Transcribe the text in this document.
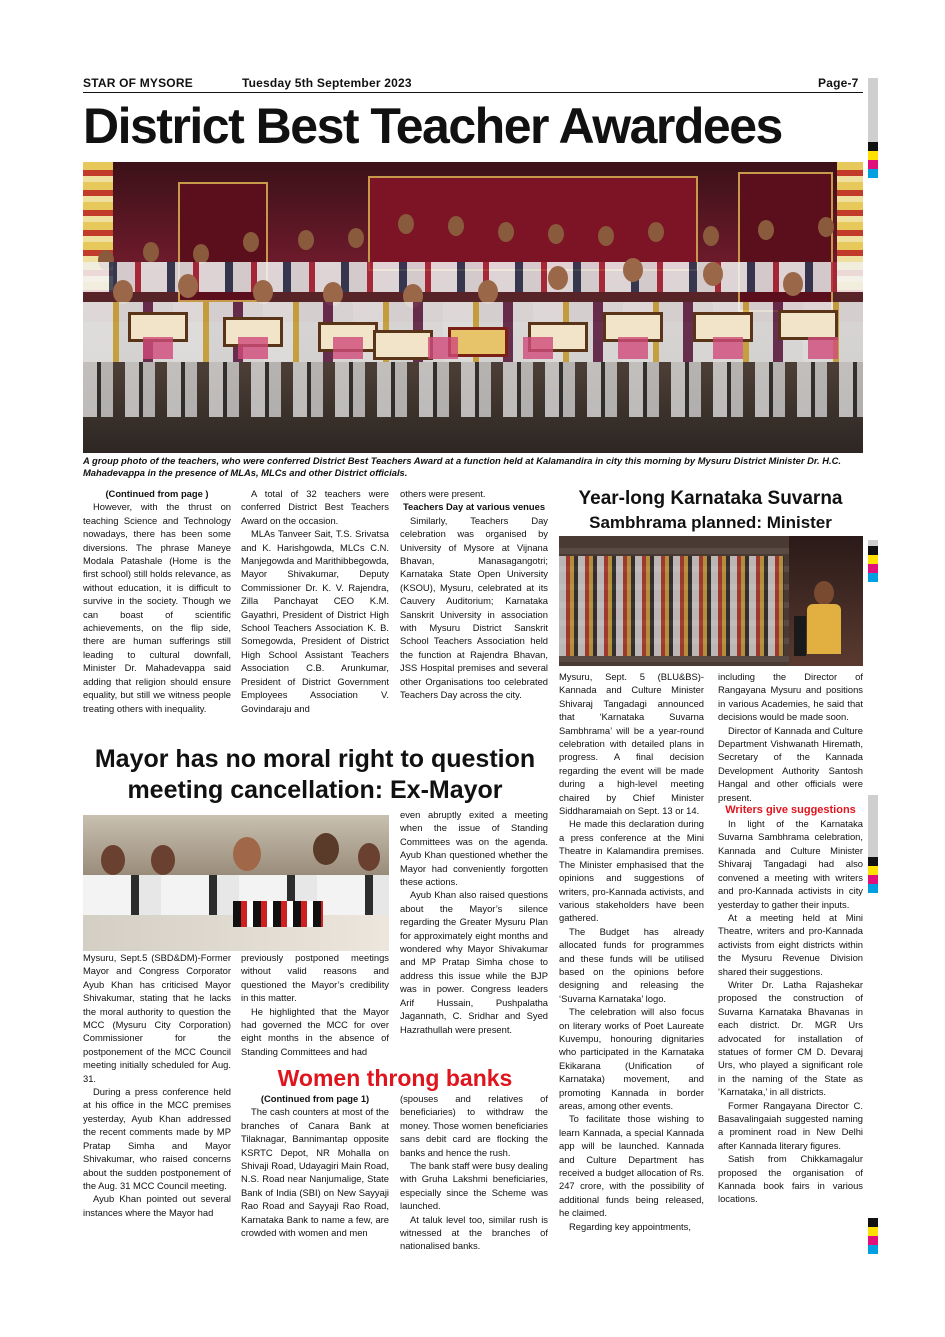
STAR OF MYSORE	Tuesday 5th September 2023	Page-7
District Best Teacher Awardees
A group photo of the teachers, who were conferred District Best Teachers Award at a function held at Kalamandira in city this morning by Mysuru District Minister Dr. H.C. Mahadevappa in the presence of MLAs, MLCs and other District officials.
(Continued from page )

However, with the thrust on teaching Science and Technology nowadays, there has been some diversions. The phrase Maneye Modala Patashale (Home is the first school) still holds relevance, as without education, it is difficult to survive in the society. Though we can boast of scientific achievements, on the flip side, there are human sufferings still leading to cultural downfall, Minister Dr. Mahadevappa said adding that religion should ensure equality, but still we witness people treating others with inequality.

A total of 32 teachers were conferred District Best Teachers Award on the occasion.

MLAs Tanveer Sait, T.S. Srivatsa and K. Harishgowda, MLCs C.N. Manjegowda and Marithibbegowda, Mayor Shivakumar, Deputy Commissioner Dr. K. V. Rajendra, Zilla Panchayat CEO K.M. Gayathri, President of District High School Teachers Association K. B. Somegowda, President of District High School Assistant Teachers Association C.B. Arunkumar, President of District Government Employees Association V. Govindaraju and

others were present.

Teachers Day at various venues

Similarly, Teachers Day celebration was organised by University of Mysore at Vijnana Bhavan, Manasagangotri; Karnataka State Open University (KSOU), Mysuru, celebrated at its Cauvery Auditorium; Karnataka Sanskrit University in association with Mysuru District Sanskrit School Teachers Association held the function at Rajendra Bhavan, JSS Hospital premises and several other Organisations too celebrated Teachers Day across the city.

Mayor has no moral right to question
meeting cancellation: Ex-Mayor

Mysuru, Sept.5 (SBD&DM)-Former Mayor and Congress Corporator Ayub Khan has criticised Mayor Shivakumar, stating that he lacks the moral authority to question the MCC (Mysuru City Corporation) Commissioner for the postponement of the MCC Council meeting initially scheduled for Aug. 31.

During a press conference held at his office in the MCC premises yesterday, Ayub Khan addressed the recent comments made by MP Pratap Simha and Mayor Shivakumar, who raised concerns about the sudden postponement of the Aug. 31 MCC Council meeting.

Ayub Khan pointed out several instances where the Mayor had

previously postponed meetings without valid reasons and questioned the Mayor’s credibility in this matter.

He highlighted that the Mayor had governed the MCC for over eight months in the absence of Standing Committees and had

even abruptly exited a meeting when the issue of Standing Committees was on the agenda. Ayub Khan questioned whether the Mayor had conveniently forgotten these actions.

Ayub Khan also raised questions about the Mayor’s silence regarding the Greater Mysuru Plan for approximately eight months and wondered why Mayor Shivakumar and MP Pratap Simha chose to address this issue while the BJP was in power. Congress leaders Arif Hussain, Pushpalatha Jagannath, C. Sridhar and Syed Hazrathullah were present.

Women throng banks
(Continued from page 1)

The cash counters at most of the branches of Canara Bank at Tilaknagar, Bannimantap opposite KSRTC Depot, NR Mohalla on Shivaji Road, Udayagiri Main Road, N.S. Road near Nanjumalige, State Bank of India (SBI) on New Sayyaji Rao Road and Sayyaji Rao Road, Karnataka Bank to name a few, are crowded with women and men

(spouses and relatives of beneficiaries) to withdraw the money. Those women beneficiaries sans debit card are flocking the banks and hence the rush.

The bank staff were busy dealing with Gruha Lakshmi beneficiaries, especially since the Scheme was launched.

At taluk level too, similar rush is witnessed at the branches of nationalised banks.

Year-long Karnataka Suvarna
Sambhrama planned: Minister

Mysuru, Sept. 5 (BLU&BS)-Kannada and Culture Minister Shivaraj Tangadagi announced that ‘Karnataka Suvarna Sambhrama’ will be a year-round celebration with detailed plans in progress. A final decision regarding the event will be made during a high-level meeting chaired by Chief Minister Siddharamaiah on Sept. 13 or 14.

He made this declaration during a press conference at the Mini Theatre in Kalamandira premises. The Minister emphasised that the opinions and suggestions of writers, pro-Kannada activists, and various stakeholders have been gathered.

The Budget has already allocated funds for programmes and these funds will be utilised based on the opinions before designing and releasing the ‘Suvarna Karnataka’ logo.

The celebration will also focus on literary works of Poet Laureate Kuvempu, honouring dignitaries who participated in the Karnataka Ekikarana (Unification of Karnataka) movement, and promoting Kannada in border areas, among other events.

To facilitate those wishing to learn Kannada, a special Kannada app will be launched. Kannada and Culture Department has received a budget allocation of Rs. 247 crore, with the possibility of additional funds being released, he claimed.

Regarding key appointments,

including the Director of Rangayana Mysuru and positions in various Academies, he said that decisions would be made soon.

Director of Kannada and Culture Department Vishwanath Hiremath, Secretary of the Kannada Development Authority Santosh Hangal and other officials were present.

Writers give suggestions

In light of the Karnataka Suvarna Sambhrama celebration, Kannada and Culture Minister Shivaraj Tangadagi had also convened a meeting with writers and pro-Kannada activists in city yesterday to gather their inputs.

At a meeting held at Mini Theatre, writers and pro-Kannada activists from eight districts within the Mysuru Revenue Division shared their suggestions.

Writer Dr. Latha Rajashekar proposed the construction of Suvarna Karnataka Bhavanas in each district. Dr. MGR Urs advocated for installation of statues of former CM D. Devaraj Urs, who played a significant role in the naming of the State as ‘Karnataka,’ in all districts.

Former Rangayana Director C. Basavalingaiah suggested naming a prominent road in New Delhi after Kannada literary figures.

Satish from Chikkamagalur proposed the organisation of Kannada book fairs in various locations.
